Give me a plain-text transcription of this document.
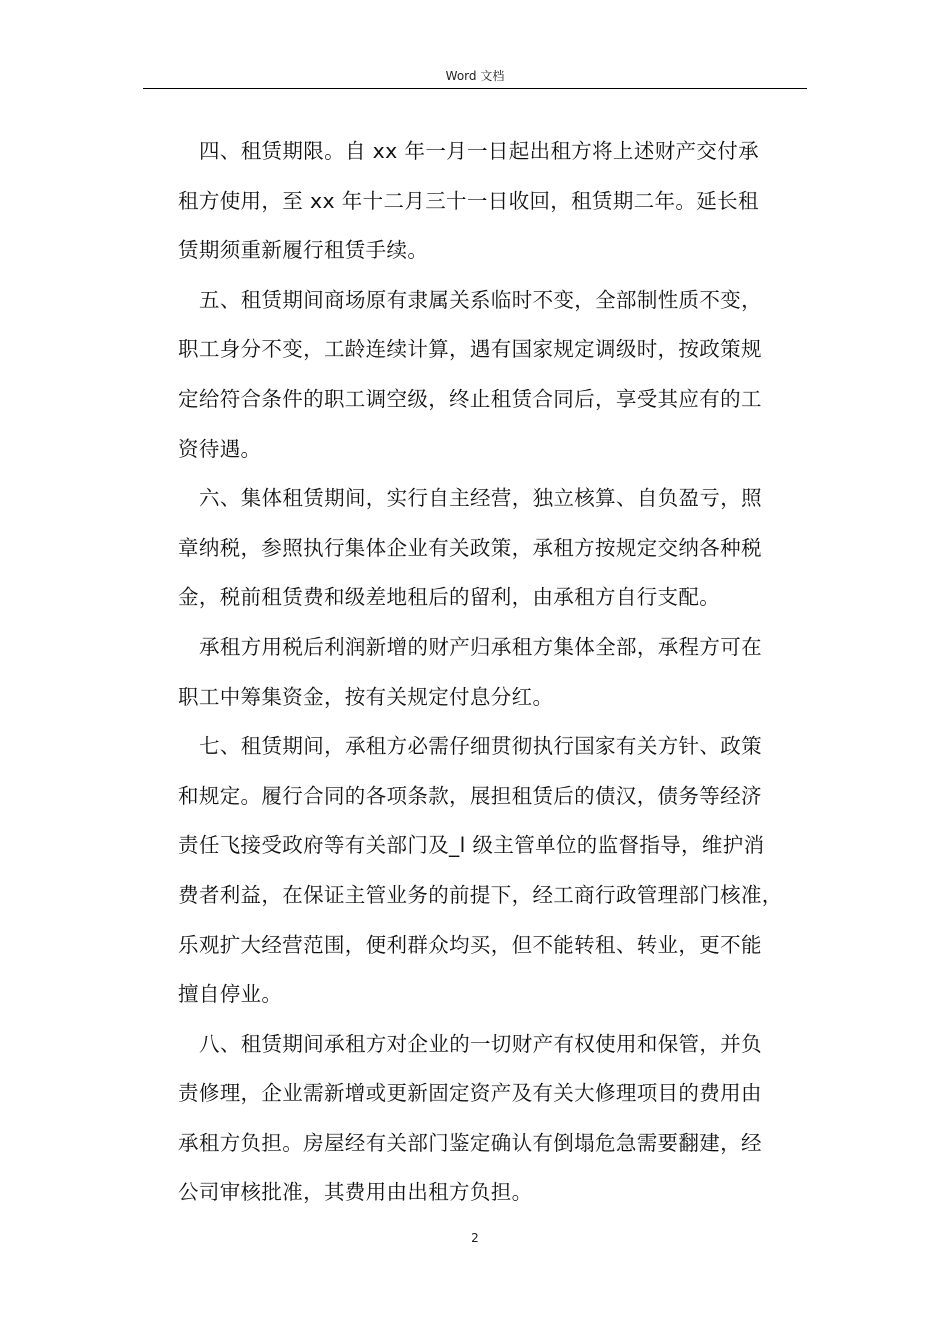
Word 文档
四、租赁期限。自 xx 年一月一日起出租方将上述财产交付承
租方使用，至 xx 年十二月三十一日收回，租赁期二年。延长租
赁期须重新履行租赁手续。
五、租赁期间商场原有隶属关系临时不变，全部制性质不变，
职工身分不变，工龄连续计算，遇有国家规定调级时，按政策规
定给符合条件的职工调空级，终止租赁合同后，享受其应有的工
资待遇。
六、集体租赁期间，实行自主经营，独立核算、自负盈亏，照
章纳税，参照执行集体企业有关政策，承租方按规定交纳各种税
金，税前租赁费和级差地租后的留利，由承租方自行支配。
承租方用税后利润新增的财产归承租方集体全部，承程方可在
职工中筹集资金，按有关规定付息分红。
七、租赁期间，承租方必需仔细贯彻执行国家有关方针、政策
和规定。履行合同的各项条款，展担租赁后的债汉，债务等经济
责任飞接受政府等有关部门及_l 级主管单位的监督指导，维护消
费者利益，在保证主管业务的前提下，经工商行政管理部门核准，
乐观扩大经营范围，便利群众均买，但不能转租、转业，更不能
擅自停业。
八、租赁期间承租方对企业的一切财产有权使用和保管，并负
责修理，企业需新增或更新固定资产及有关大修理项目的费用由
承租方负担。房屋经有关部门鉴定确认有倒塌危急需要翻建，经
公司审核批准，其费用由出租方负担。
2
